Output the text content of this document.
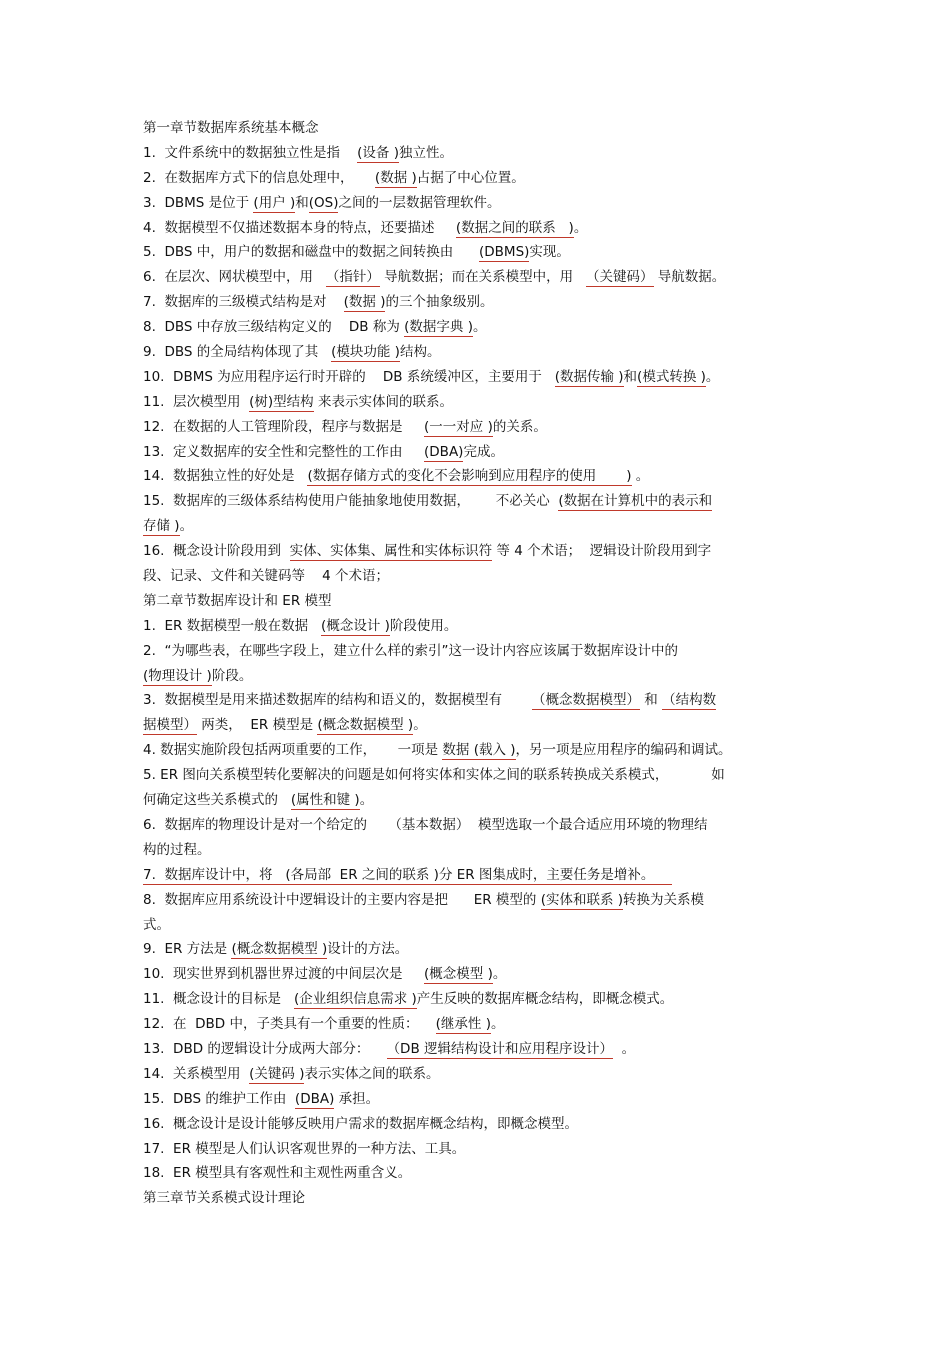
第一章节数据库系统基本概念
1.  文件系统中的数据独立性是指    (设备 )独立性。
2.  在数据库方式下的信息处理中，     (数据 )占据了中心位置。
3.  DBMS 是位于 (用户 )和(OS)之间的一层数据管理软件。
4.  数据模型不仅描述数据本身的特点，还要描述     (数据之间的联系   )。
5.  DBS 中，用户的数据和磁盘中的数据之间转换由      (DBMS)实现。
6.  在层次、网状模型中，用   （指针） 导航数据；而在关系模型中，用   （关键码） 导航数据。
7.  数据库的三级模式结构是对    (数据 )的三个抽象级别。
8.  DBS 中存放三级结构定义的    DB 称为 (数据字典 )。
9.  DBS 的全局结构体现了其   (模块功能 )结构。
10.  DBMS 为应用程序运行时开辟的    DB 系统缓冲区，主要用于   (数据传输 )和(模式转换 )。
11.  层次模型用  (树)型结构 来表示实体间的联系。
12.  在数据的人工管理阶段，程序与数据是     (一一对应 )的关系。
13.  定义数据库的安全性和完整性的工作由     (DBA)完成。
14.  数据独立性的好处是   (数据存储方式的变化不会影响到应用程序的使用       ) 。
15.  数据库的三级体系结构使用户能抽象地使用数据，      不必关心  (数据在计算机中的表示和
存储 )。
16.  概念设计阶段用到  实体、实体集、属性和实体标识符 等 4 个术语；  逻辑设计阶段用到字
段、记录、文件和关键码等    4 个术语；
第二章节数据库设计和 ER 模型
1.  ER 数据模型一般在数据   (概念设计 )阶段使用。
2.  “为哪些表，在哪些字段上，建立什么样的索引”这一设计内容应该属于数据库设计中的
(物理设计 )阶段。
3.  数据模型是用来描述数据库的结构和语义的，数据模型有       （概念数据模型） 和 （结构数
据模型） 两类，  ER 模型是 (概念数据模型 )。
4. 数据实施阶段包括两项重要的工作，     一项是 数据 (载入 )，另一项是应用程序的编码和调试。
5. ER 图向关系模型转化要解决的问题是如何将实体和实体之间的联系转换成关系模式，          如
何确定这些关系模式的   (属性和键 )。
6.  数据库的物理设计是对一个给定的     （基本数据）  模型选取一个最合适应用环境的物理结
构的过程。
7.  数据库设计中，将   (各局部  ER 之间的联系 )分 ER 图集成时，主要任务是增补。
8.  数据库应用系统设计中逻辑设计的主要内容是把      ER 模型的 (实体和联系 )转换为关系模
式。
9.  ER 方法是 (概念数据模型 )设计的方法。
10.  现实世界到机器世界过渡的中间层次是     (概念模型 )。
11.  概念设计的目标是   (企业组织信息需求 )产生反映的数据库概念结构，即概念模式。
12.  在  DBD 中，子类具有一个重要的性质：    (继承性 )。
13.  DBD 的逻辑设计分成两大部分：    （DB 逻辑结构设计和应用程序设计）  。
14.  关系模型用  (关键码 )表示实体之间的联系。
15.  DBS 的维护工作由  (DBA) 承担。
16.  概念设计是设计能够反映用户需求的数据库概念结构，即概念模型。
17.  ER 模型是人们认识客观世界的一种方法、工具。
18.  ER 模型具有客观性和主观性两重含义。
第三章节关系模式设计理论
